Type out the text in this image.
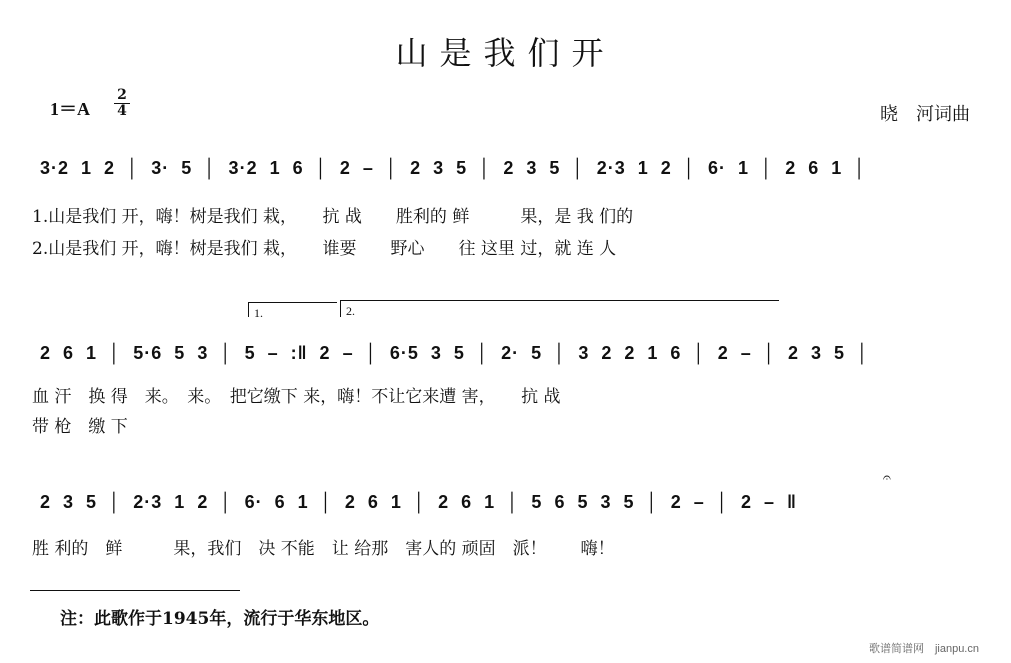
山是我们开
1＝A
2
4	晓　河词曲
3·2 1 2 │ 3· 5 │ 3·2 1 6 │ 2 – │ 2 3 5 │ 2 3 5 │ 2·3 1 2 │ 6· 1 │ 2 6 1 │
1.山是我们 开，嗨！树是我们 栽，　　抗 战　　胜利的 鲜　　　果，是 我 们的
2.山是我们 开，嗨！树是我们 栽，　　谁要　　野心　　往 这里 过，就 连 人
1.	2.
2 6 1 │ 5·6 5 3 │ 5 – :‖ 2 – │ 6·5 3 5 │ 2· 5 │ 3 2 2 1 6 │ 2 – │ 2 3 5 │
血 汗　换 得　来。　来。　把它缴下 来，嗨！不让它来遭 害，　　抗 战
带 枪　缴 下
2 3 5 │ 2·3 1 2 │ 6· 6 1 │ 2 6 1 │ 2 6 1 │ 5 6 5 3 5 │ 2 – │ 2 – ‖
𝄐
胜 利的　鲜　　　果，我们　决 不能　让 给那　害人的 顽固　派！　　嗨！
注：此歌作于1945年，流行于华东地区。
歌谱简谱网　jianpu.cn
